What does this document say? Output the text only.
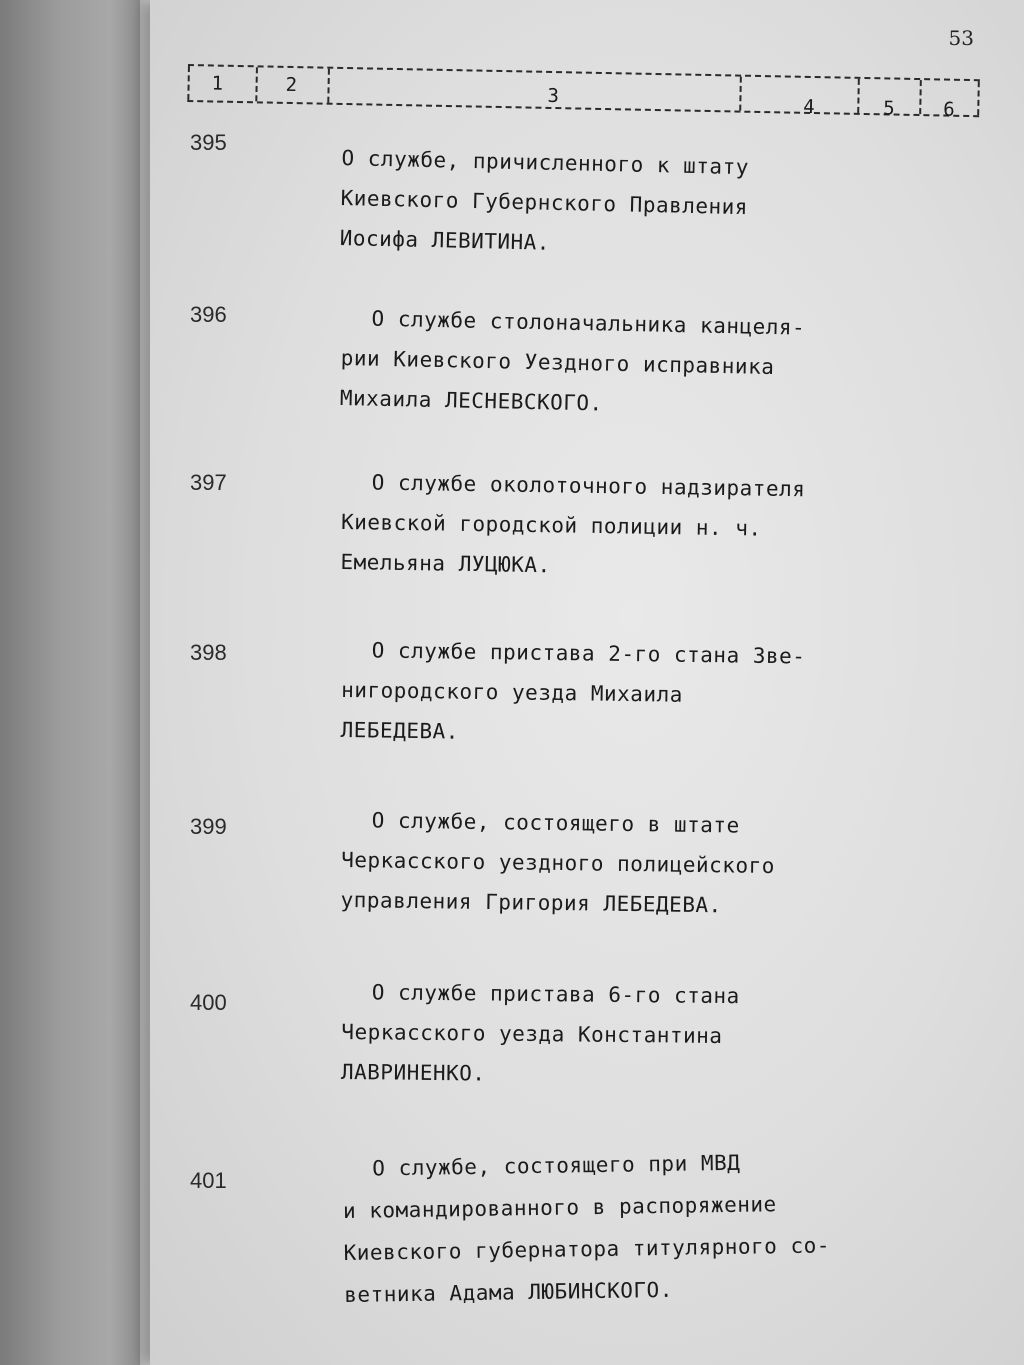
53
1	2	3	4	5	6
395
О службе, причисленного к штату
Киевского Губернского Правления
Иосифа ЛЕВИТИНА.
396	О службе столоначальника канцеля-
рии Киевского Уездного исправника
Михаила ЛЕСНЕВСКОГО.
397	О службе околоточного надзирателя
Киевской городской полиции н. ч.
Емельяна ЛУЦЮКА.
398	О службе пристава 2-го стана Зве-
нигородского уезда Михаила
ЛЕБЕДЕВА.
399	О службе, состоящего в штате
Черкасского уездного полицейского
управления Григория ЛЕБЕДЕВА.
400	О службе пристава 6-го стана
Черкасского уезда Константина
ЛАВРИНЕНКО.
401	О службе, состоящего при МВД
и командированного в распоряжение
Киевского губернатора титулярного со-
ветника Адама ЛЮБИНСКОГО.
